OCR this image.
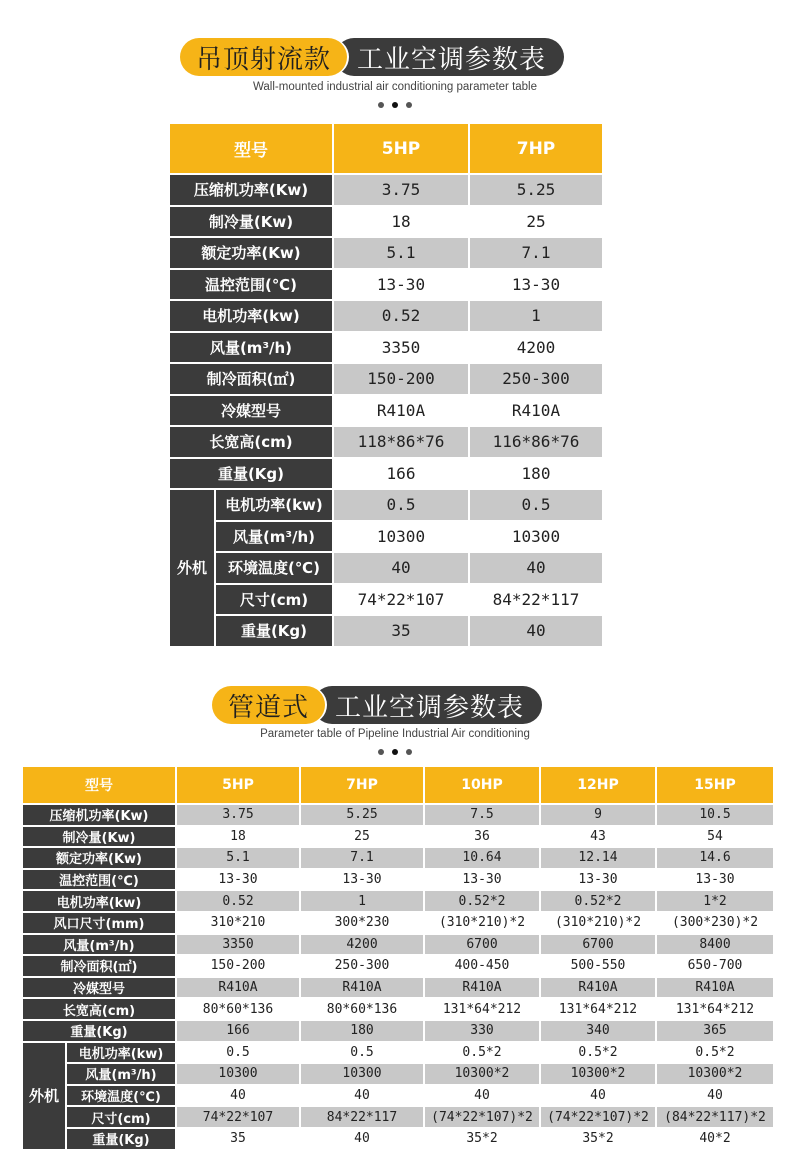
吊顶射流款	工业空调参数表
Wall-mounted industrial air conditioning parameter table
型号		5HP	7HP
压缩机功率(Kw)		3.75	5.25
制冷量(Kw)		18	25
额定功率(Kw)		5.1	7.1
温控范围(℃)		13-30	13-30
电机功率(kw)		0.52	1
风量(m³/h)		3350	4200
制冷面积(㎡)		150-200	250-300
冷媒型号		R410A	R410A
长宽高(cm)		118*86*76	116*86*76
重量(Kg)		166	180
外机	电机功率(kw)	0.5	0.5
	风量(m³/h)	10300	10300
	环境温度(℃)	40	40
	尺寸(cm)	74*22*107	84*22*117
	重量(Kg)	35	40
管道式	工业空调参数表
Parameter table of Pipeline Industrial Air conditioning
型号		5HP	7HP	10HP	12HP	15HP
压缩机功率(Kw)		3.75	5.25	7.5	9	10.5
制冷量(Kw)		18	25	36	43	54
额定功率(Kw)		5.1	7.1	10.64	12.14	14.6
温控范围(℃)		13-30	13-30	13-30	13-30	13-30
电机功率(kw)		0.52	1	0.52*2	0.52*2	1*2
风口尺寸(mm)		310*210	300*230	(310*210)*2	(310*210)*2	(300*230)*2
风量(m³/h)		3350	4200	6700	6700	8400
制冷面积(㎡)		150-200	250-300	400-450	500-550	650-700
冷媒型号		R410A	R410A	R410A	R410A	R410A
长宽高(cm)		80*60*136	80*60*136	131*64*212	131*64*212	131*64*212
重量(Kg)		166	180	330	340	365
外机	电机功率(kw)	0.5	0.5	0.5*2	0.5*2	0.5*2
	风量(m³/h)	10300	10300	10300*2	10300*2	10300*2
	环境温度(℃)	40	40	40	40	40
	尺寸(cm)	74*22*107	84*22*117	(74*22*107)*2	(74*22*107)*2	(84*22*117)*2
	重量(Kg)	35	40	35*2	35*2	40*2
